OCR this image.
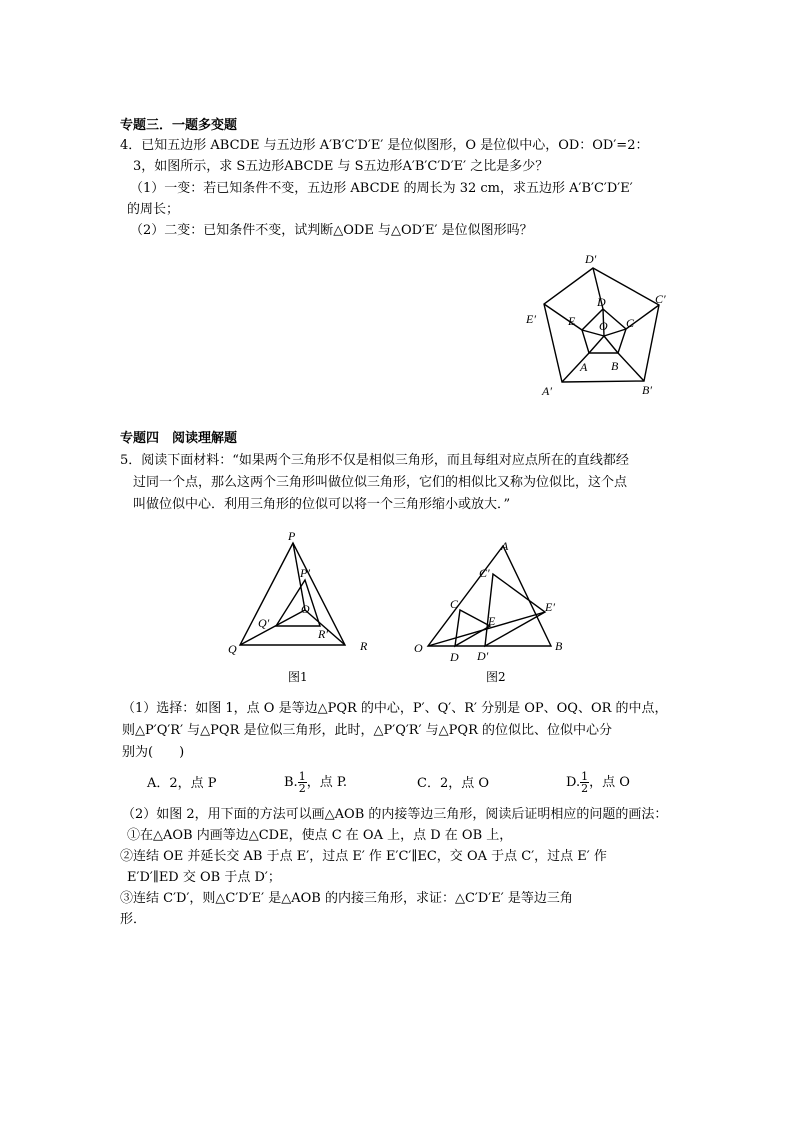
专题三．一题多变题
4．已知五边形 ABCDE 与五边形 A′B′C′D′E′ 是位似图形，O 是位似中心，OD：OD′=2：
3，如图所示，求 S五边形ABCDE 与 S五边形A′B′C′D′E′ 之比是多少？
（1）一变：若已知条件不变，五边形 ABCDE 的周长为 32 cm，求五边形 A′B′C′D′E′
的周长；
（2）二变：已知条件不变，试判断△ODE 与△OD′E′ 是位似图形吗？
D′
C′
E′
A′	B′
D
E O C
A B
专题四　阅读理解题
5．阅读下面材料：“如果两个三角形不仅是相似三角形，而且每组对应点所在的直线都经
过同一个点，那么这两个三角形叫做位似三角形，它们的相似比又称为位似比，这个点
叫做位似中心．利用三角形的位似可以将一个三角形缩小或放大．”
P
P′
O
Q′
R′
Q	R
图1
A
C′
C	E′
E
O
D D′
B
图2
（1）选择：如图 1，点 O 是等边△PQR 的中心，P′、Q′、R′ 分别是 OP、OQ、OR 的中点，
则△P′Q′R′ 与△PQR 是位似三角形，此时，△P′Q′R′ 与△PQR 的位似比、位似中心分
别为(　　)
A．2，点 P	B. $\frac{1}{2}$ ，点 P.	C．2，点 O	D. $\frac{1}{2}$ ，点 O
（2）如图 2，用下面的方法可以画△AOB 的内接等边三角形，阅读后证明相应的问题的画法：
①在△AOB 内画等边△CDE，使点 C 在 OA 上，点 D 在 OB 上，
②连结 OE 并延长交 AB 于点 E′，过点 E′ 作 E′C′∥EC，交 OA 于点 C′，过点 E′ 作
E′D′∥ED 交 OB 于点 D′；
③连结 C′D′，则△C′D′E′ 是△AOB 的内接三角形，求证：△C′D′E′ 是等边三角
形．
